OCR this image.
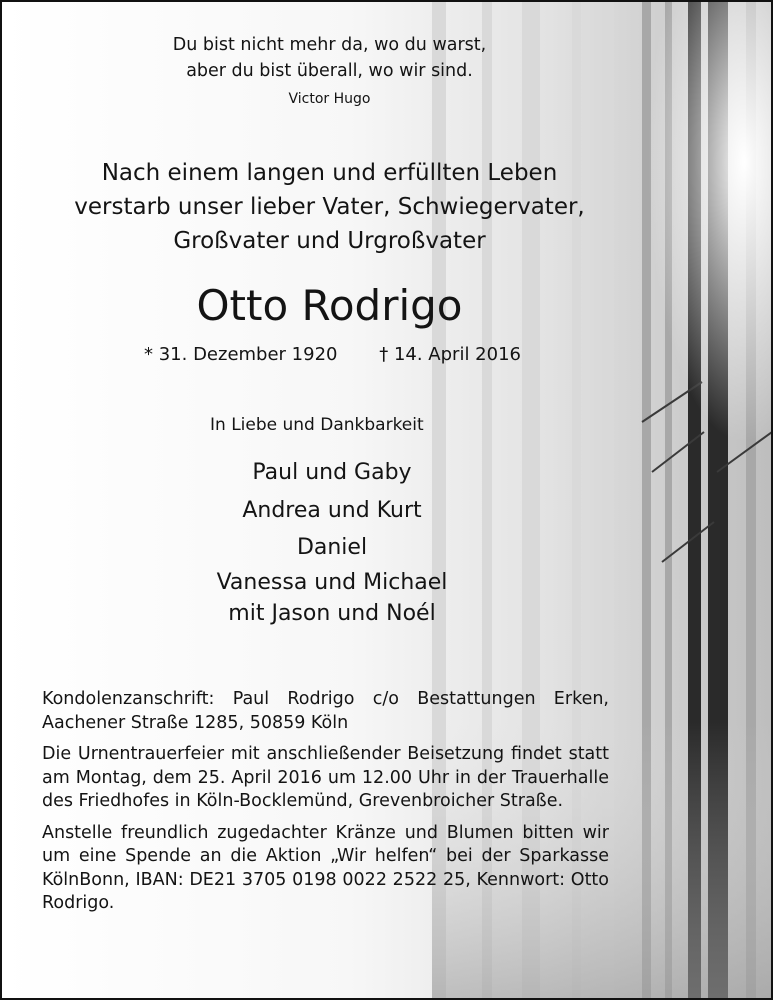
Du bist nicht mehr da, wo du warst,
aber du bist überall, wo wir sind.
Victor Hugo
Nach einem langen und erfüllten Leben
verstarb unser lieber Vater, Schwiegervater,
Großvater und Urgroßvater
Otto Rodrigo
* 31. Dezember 1920 † 14. April 2016
In Liebe und Dankbarkeit
Paul und Gaby
Andrea und Kurt
Daniel
Vanessa und Michael
mit Jason und Noél

Kondolenzanschrift: Paul Rodrigo c/o Bestattungen Erken, Aachener Straße 1285, 50859 Köln

Die Urnentrauerfeier mit anschließender Beisetzung findet statt am Montag, dem 25. April 2016 um 12.00 Uhr in der Trauerhalle des Friedhofes in Köln-Bocklemünd, Grevenbroicher Straße.

Anstelle freundlich zugedachter Kränze und Blumen bitten wir um eine Spende an die Aktion „Wir helfen“ bei der Sparkasse KölnBonn, IBAN: DE21 3705 0198 0022 2522 25, Kennwort: Otto Rodrigo.
